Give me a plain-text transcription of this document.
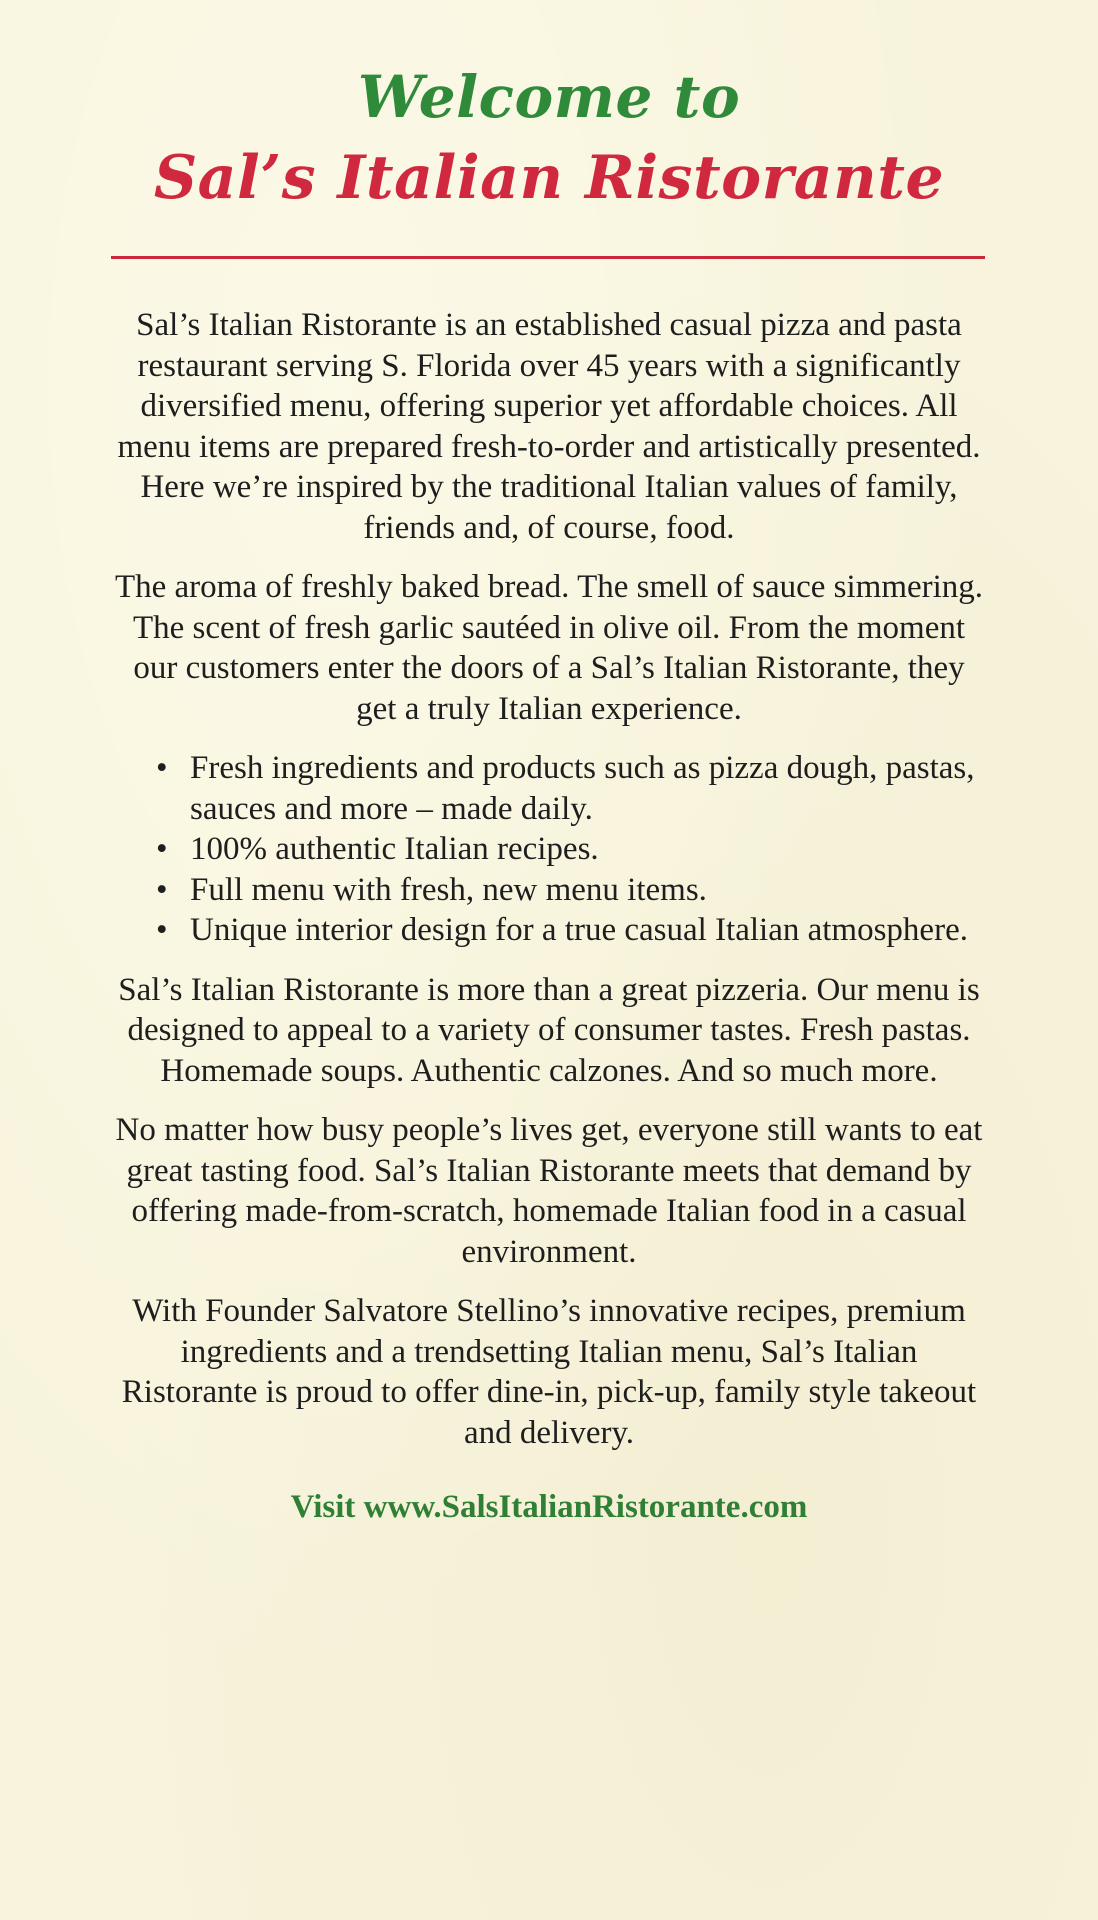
Welcome to
Sal’s Italian Ristorante

Sal’s Italian Ristorante is an established casual pizza and pasta restaurant serving S. Florida over 45 years with a significantly diversified menu, offering superior yet affordable choices. All menu items are prepared fresh-to-order and artistically presented. Here we’re inspired by the traditional Italian values of family, friends and, of course, food.

The aroma of freshly baked bread. The smell of sauce simmering. The scent of fresh garlic sautéed in olive oil. From the moment our customers enter the doors of a Sal’s Italian Ristorante, they get a truly Italian experience.

• Fresh ingredients and products such as pizza dough, pastas, sauces and more – made daily.
• 100% authentic Italian recipes.
• Full menu with fresh, new menu items.
• Unique interior design for a true casual Italian atmosphere.

Sal’s Italian Ristorante is more than a great pizzeria. Our menu is designed to appeal to a variety of consumer tastes. Fresh pastas. Homemade soups. Authentic calzones. And so much more.

No matter how busy people’s lives get, everyone still wants to eat great tasting food. Sal’s Italian Ristorante meets that demand by offering made-from-scratch, homemade Italian food in a casual environment.

With Founder Salvatore Stellino’s innovative recipes, premium ingredients and a trendsetting Italian menu, Sal’s Italian Ristorante is proud to offer dine-in, pick-up, family style takeout and delivery.

Visit www.SalsItalianRistorante.com
